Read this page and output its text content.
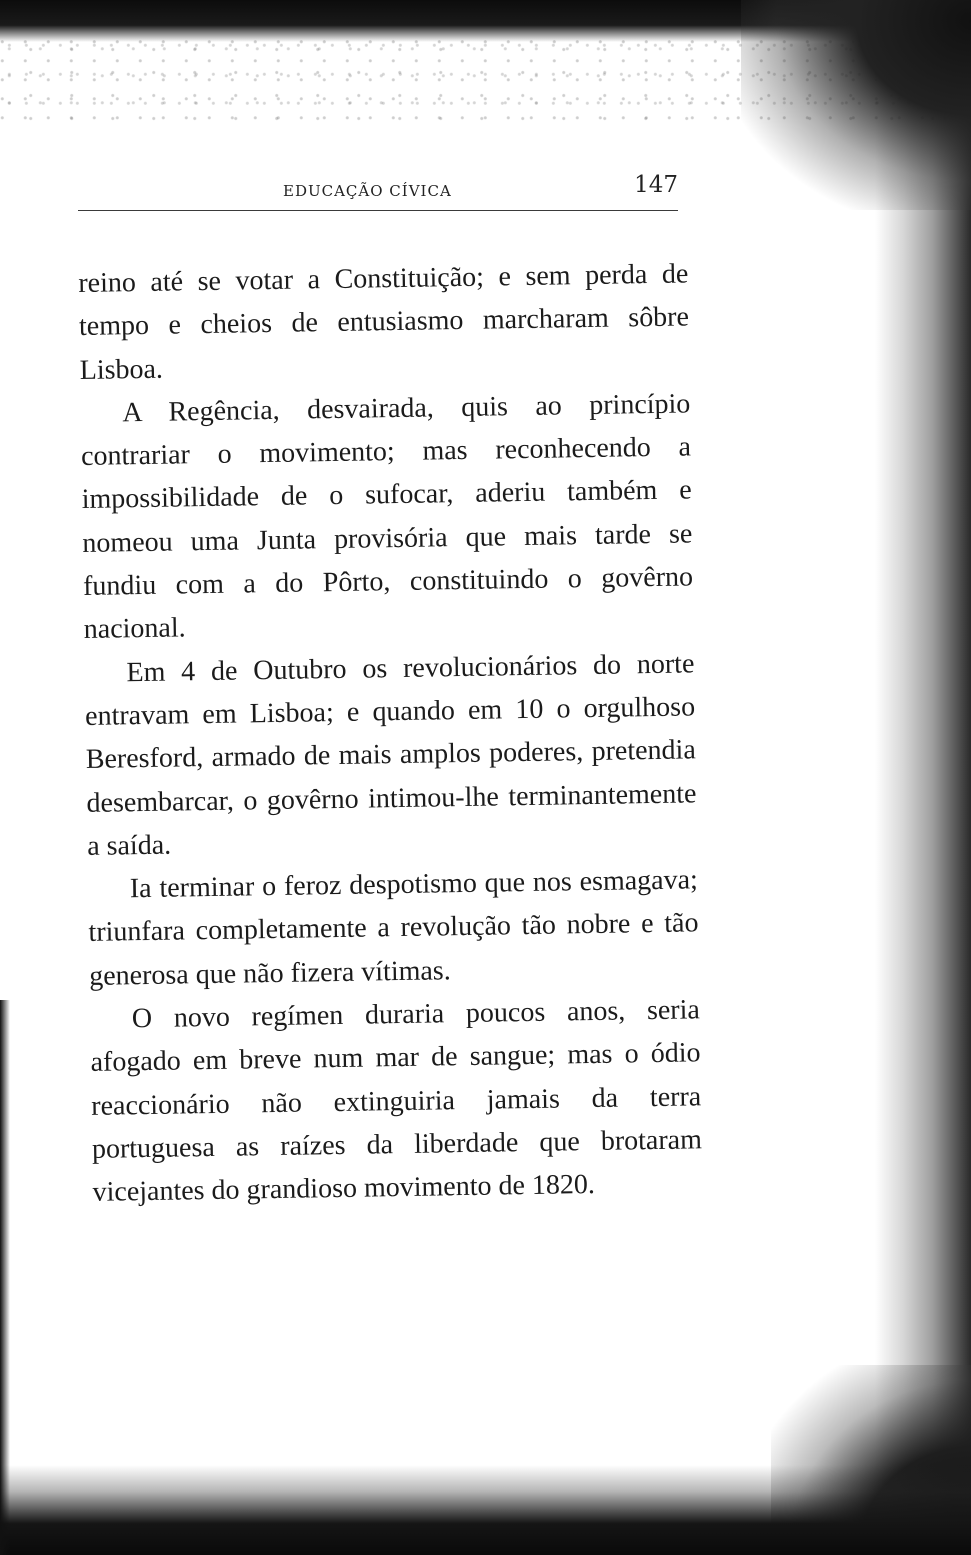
EDUCAÇÃO CÍVICA	147

reino até se votar a Constituição; e sem perda de tempo e cheios de entusiasmo marcharam sôbre Lisboa.

A Regência, desvairada, quis ao princípio contrariar o movimento; mas reconhecendo a impossibilidade de o sufocar, aderiu também e nomeou uma Junta provisória que mais tarde se fundiu com a do Pôrto, constituindo o govêrno nacional.

Em 4 de Outubro os revolucionários do norte entravam em Lisboa; e quando em 10 o orgulhoso Beresford, armado de mais amplos poderes, pretendia desembarcar, o govêrno intimou-lhe terminantemente a saída.

Ia terminar o feroz despotismo que nos esmagava; triunfara completamente a revolução tão nobre e tão generosa que não fizera vítimas.

O novo regímen duraria poucos anos, seria afogado em breve num mar de sangue; mas o ódio reaccionário não extinguiria jamais da terra portuguesa as raízes da liberdade que brotaram vicejantes do grandioso movimento de 1820.
